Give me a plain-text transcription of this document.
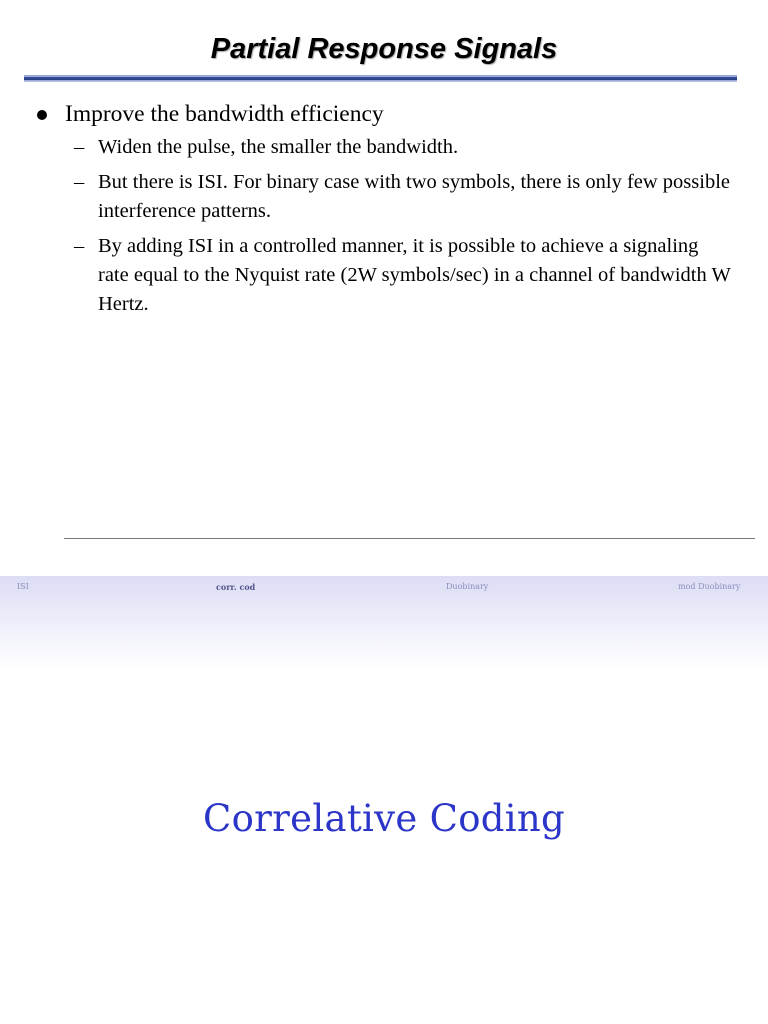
Partial Response Signals
Improve the bandwidth efficiency
– Widen the pulse, the smaller the bandwidth.
– But there is ISI. For binary case with two symbols, there is only few possible interference patterns.
– By adding ISI in a controlled manner, it is possible to achieve a signaling rate equal to the Nyquist rate (2W symbols/sec) in a channel of bandwidth W Hertz.
ISI	corr. cod	Duobinary	mod Duobinary
Correlative Coding
